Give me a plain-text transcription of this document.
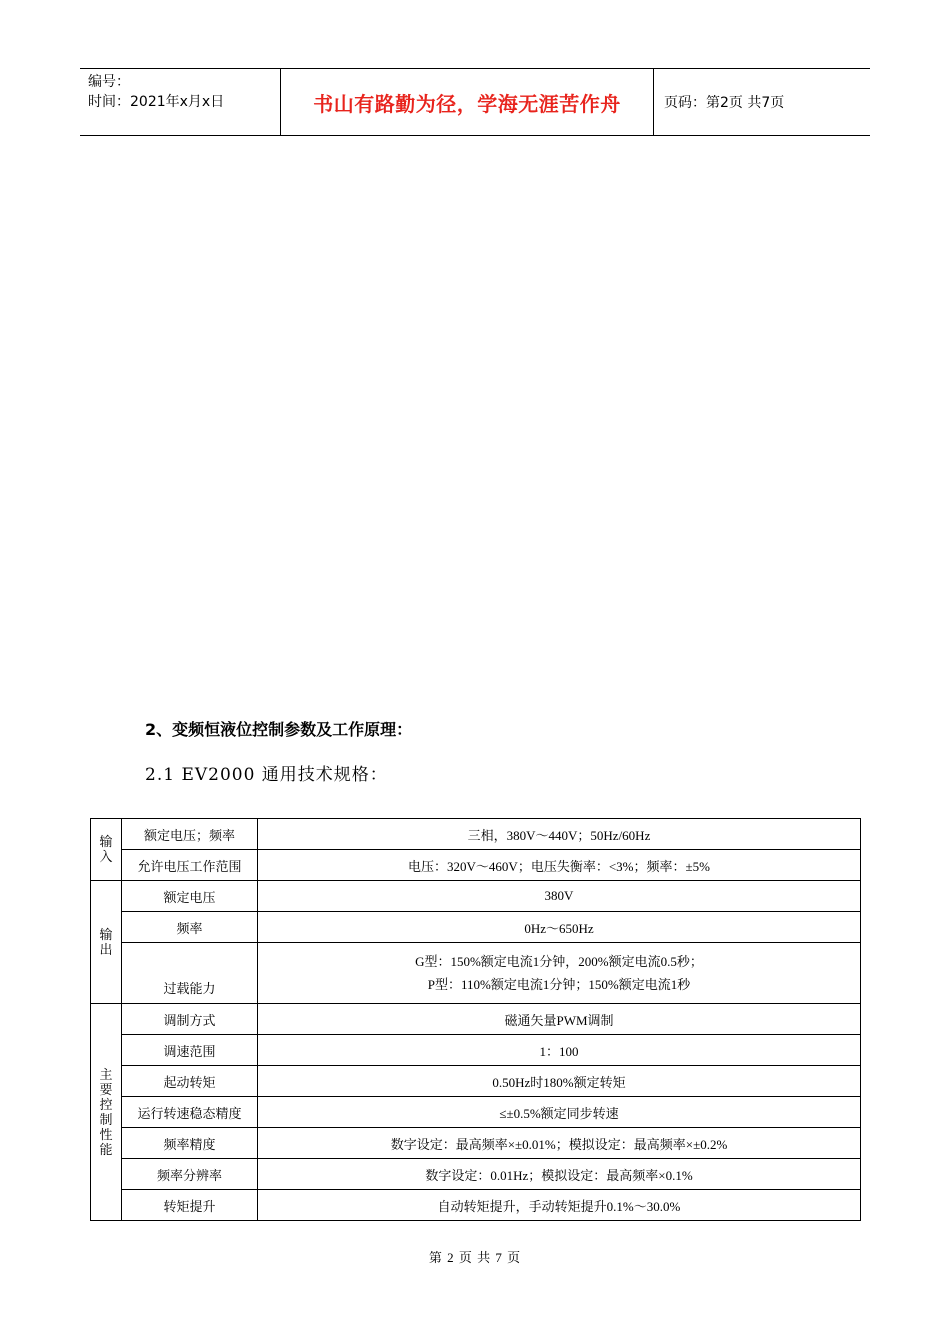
编号：
时间：2021年x月x日	书山有路勤为径，学海无涯苦作舟	页码：第2页 共7页
2、变频恒液位控制参数及工作原理：
2.1 EV2000 通用技术规格：
输入	额定电压；频率	三相，380V～440V；50Hz/60Hz
	允许电压工作范围	电压：320V～460V；电压失衡率：<3%；频率：±5%
输出	额定电压	380V
	频率	0Hz～650Hz
	过载能力	G型：150%额定电流1分钟，200%额定电流0.5秒；
P型：110%额定电流1分钟；150%额定电流1秒

主要控制性能	调制方式	磁通矢量PWM调制
	调速范围	1：100
	起动转矩	0.50Hz时180%额定转矩
	运行转速稳态精度	≤±0.5%额定同步转速
	频率精度	数字设定：最高频率×±0.01%；模拟设定：最高频率×±0.2%
	频率分辨率	数字设定：0.01Hz；模拟设定：最高频率×0.1%
	转矩提升	自动转矩提升，手动转矩提升0.1%～30.0%
第 2 页 共 7 页
